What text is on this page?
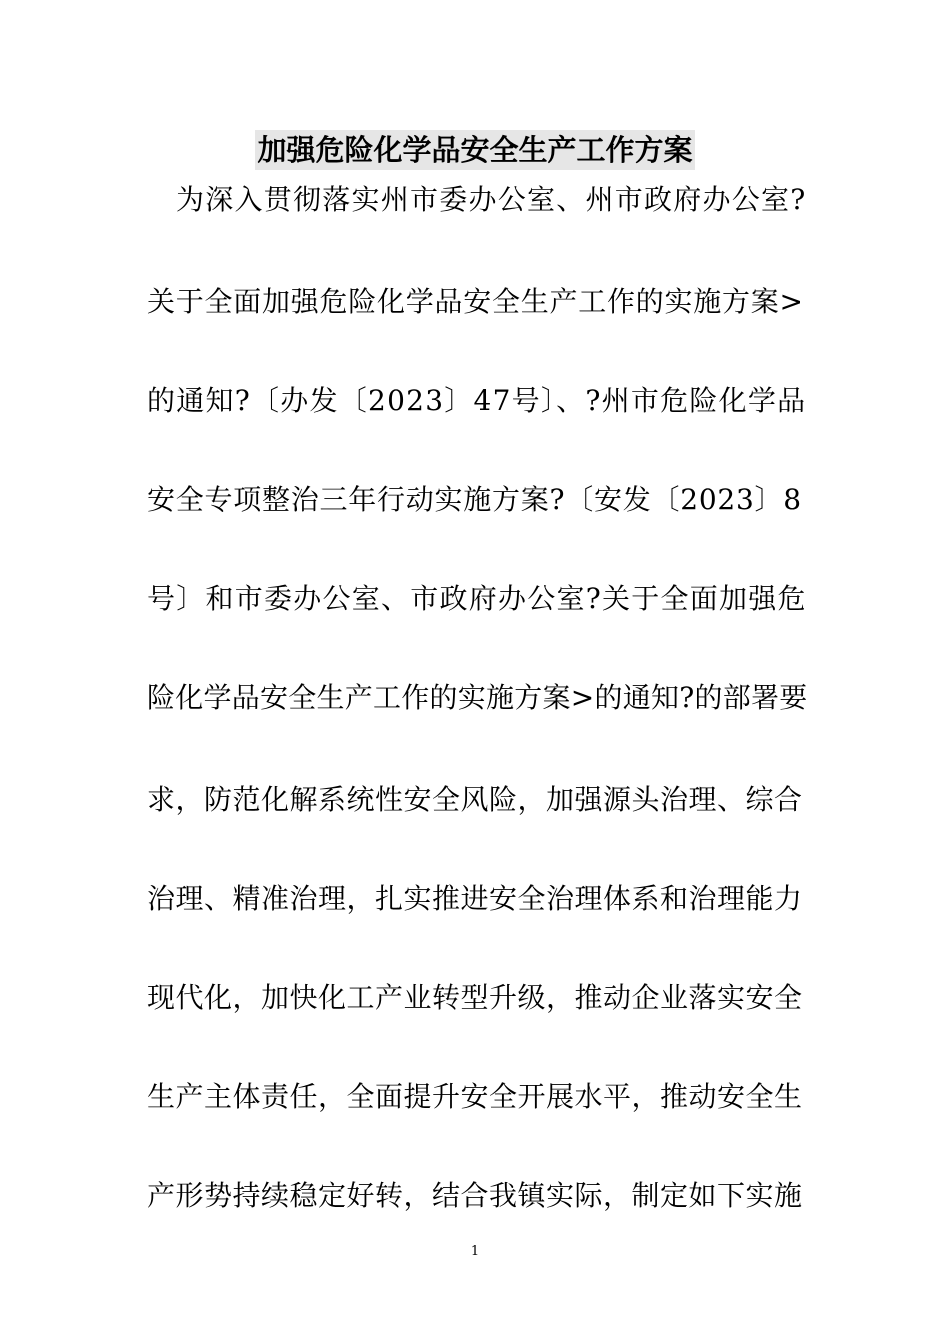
加强危险化学品安全生产工作方案
为深入贯彻落实州市委办公室、州市政府办公室?
关于全面加强危险化学品安全生产工作的实施方案>
的通知?〔办发〔2023〕47号〕、?州市危险化学品
安全专项整治三年行动实施方案?〔安发〔2023〕8
号〕和市委办公室、市政府办公室?关于全面加强危
险化学品安全生产工作的实施方案>的通知?的部署要
求，防范化解系统性安全风险，加强源头治理、综合
治理、精准治理，扎实推进安全治理体系和治理能力
现代化，加快化工产业转型升级，推动企业落实安全
生产主体责任，全面提升安全开展水平，推动安全生
产形势持续稳定好转，结合我镇实际，制定如下实施
1
